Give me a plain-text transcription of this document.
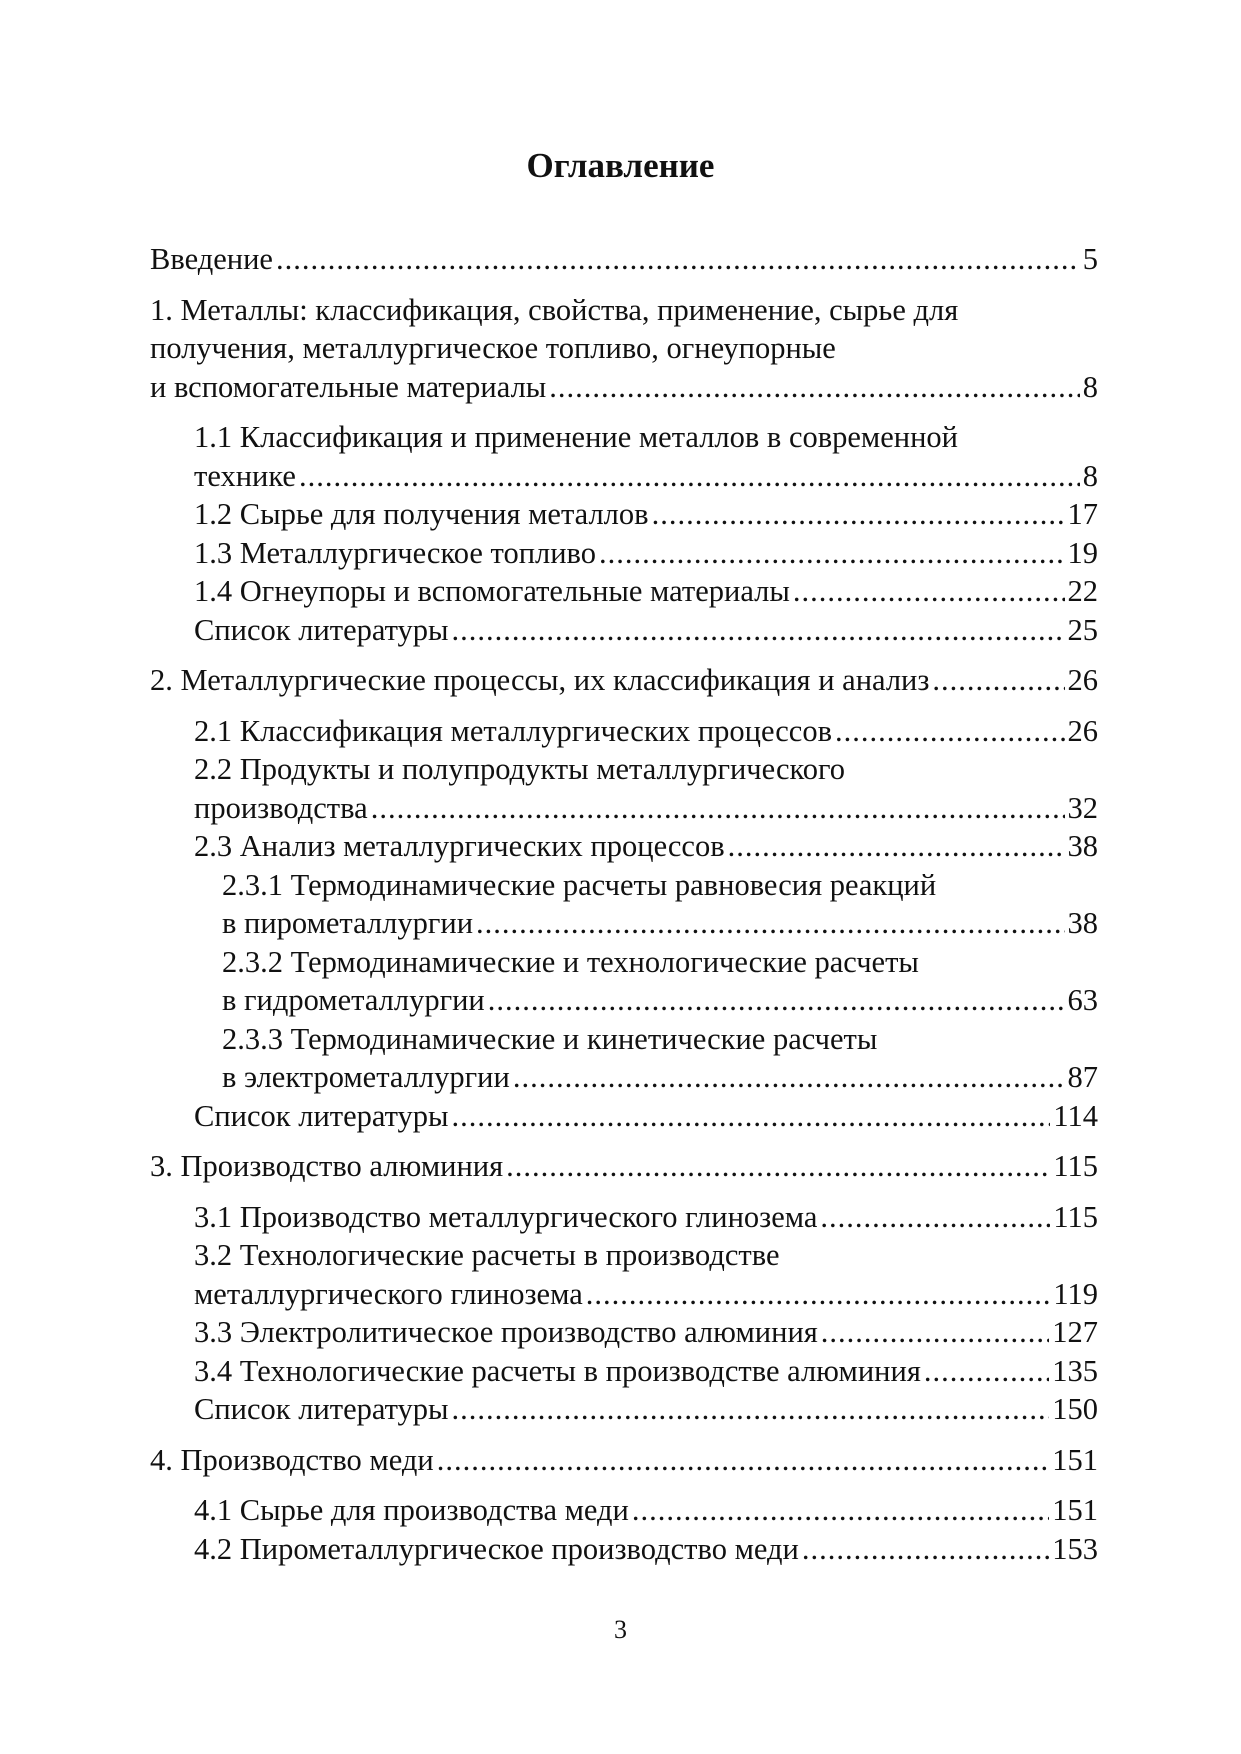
Оглавление
Введение .....	5
1. Металлы: классификация, свойства, применение, сырье для
получения, металлургическое топливо, огнеупорные
и вспомогательные материалы .....	8
1.1 Классификация и применение металлов в современной
технике .....	8
1.2 Сырье для получения металлов .....	17
1.3 Металлургическое топливо .....	19
1.4 Огнеупоры и вспомогательные материалы .....	22
Список литературы .....	25
2. Металлургические процессы, их классификация и анализ .....	26
2.1 Классификация металлургических процессов .....	26
2.2 Продукты и полупродукты металлургического
производства .....	32
2.3 Анализ металлургических процессов .....	38
2.3.1 Термодинамические расчеты равновесия реакций
в пирометаллургии .....	38
2.3.2 Термодинамические и технологические расчеты
в гидрометаллургии .....	63
2.3.3 Термодинамические и кинетические расчеты
в электрометаллургии .....	87
Список литературы .....	114
3. Производство алюминия .....	115
3.1 Производство металлургического глинозема .....	115
3.2 Технологические расчеты в производстве
металлургического глинозема .....	119
3.3 Электролитическое производство алюминия .....	127
3.4 Технологические расчеты в производстве алюминия .....	135
Список литературы .....	150
4. Производство меди .....	151
4.1 Сырье для производства меди .....	151
4.2 Пирометаллургическое производство меди .....	153
3
